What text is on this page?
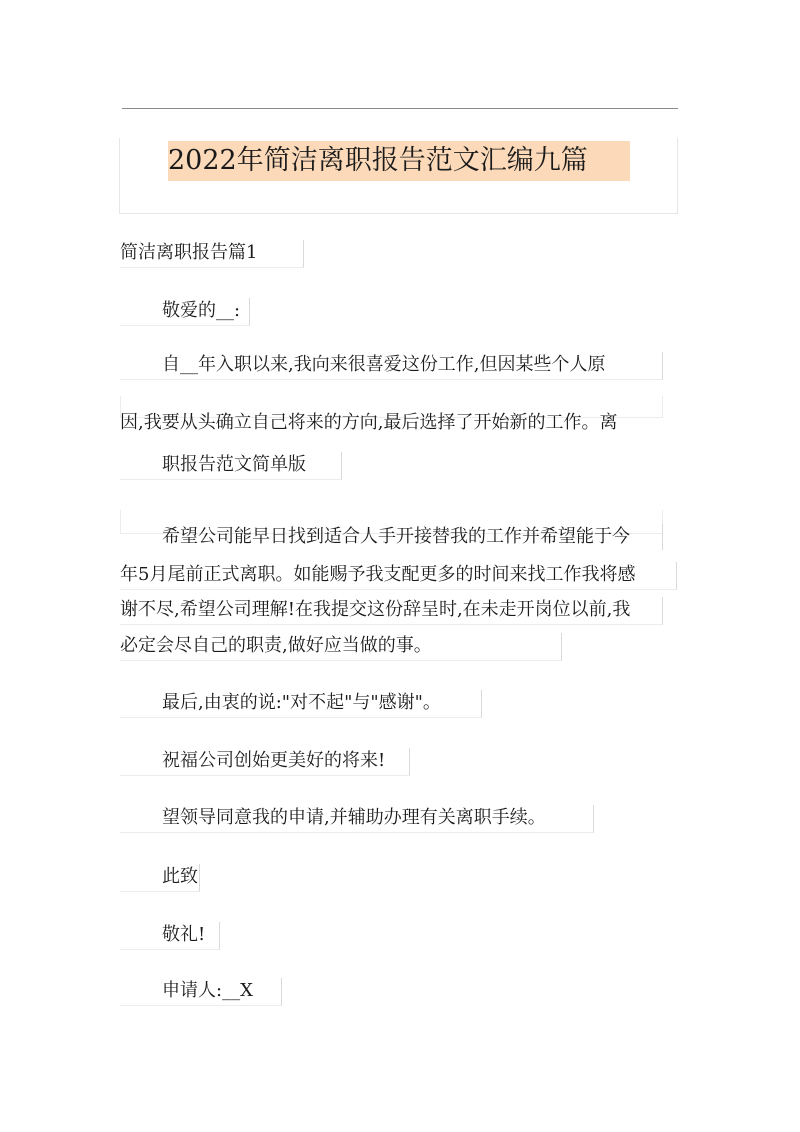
2022年简洁离职报告范文汇编九篇
简洁离职报告篇1
敬爱的__:
自__年入职以来,我向来很喜爱这份工作,但因某些个人原
因,我要从头确立自己将来的方向,最后选择了开始新的工作。离
职报告范文简单版
希望公司能早日找到适合人手开接替我的工作并希望能于今
年5月尾前正式离职。如能赐予我支配更多的时间来找工作我将感
谢不尽,希望公司理解!在我提交这份辞呈时,在未走开岗位以前,我
必定会尽自己的职责,做好应当做的事。
最后,由衷的说:"对不起"与"感谢"。
祝福公司创始更美好的将来!
望领导同意我的申请,并辅助办理有关离职手续。
此致
敬礼!
申请人:__X
